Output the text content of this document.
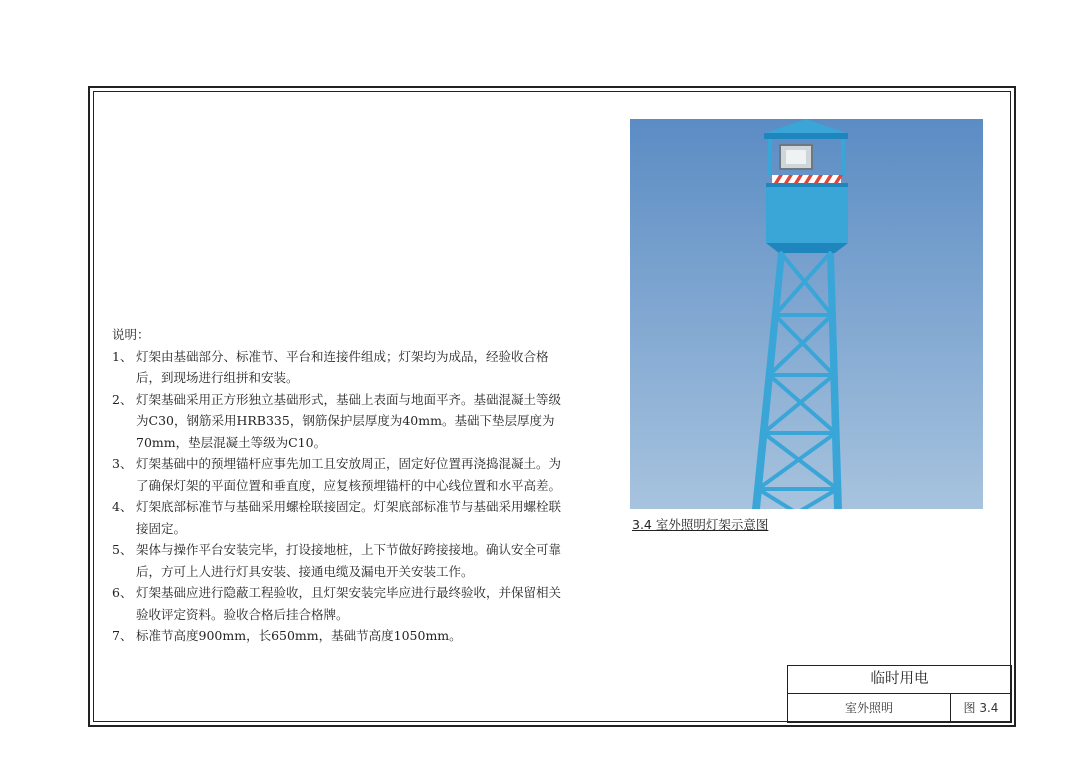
说明：

1、 灯架由基础部分、标准节、平台和连接件组成；灯架均为成品，经验收合格后，到现场进行组拼和安装。
2、 灯架基础采用正方形独立基础形式，基础上表面与地面平齐。基础混凝土等级为C30，钢筋采用HRB335，钢筋保护层厚度为40mm。基础下垫层厚度为70mm，垫层混凝土等级为C10。
3、 灯架基础中的预埋锚杆应事先加工且安放周正，固定好位置再浇捣混凝土。为了确保灯架的平面位置和垂直度，应复核预埋锚杆的中心线位置和水平高差。
4、 灯架底部标准节与基础采用螺栓联接固定。灯架底部标准节与基础采用螺栓联接固定。
5、 架体与操作平台安装完毕，打设接地桩，上下节做好跨接接地。确认安全可靠后，方可上人进行灯具安装、接通电缆及漏电开关安装工作。
6、 灯架基础应进行隐蔽工程验收，且灯架安装完毕应进行最终验收，并保留相关验收评定资料。验收合格后挂合格牌。
7、 标准节高度900mm，长650mm，基础节高度1050mm。
3.4 室外照明灯架示意图
临时用电
室外照明	图 3.4
